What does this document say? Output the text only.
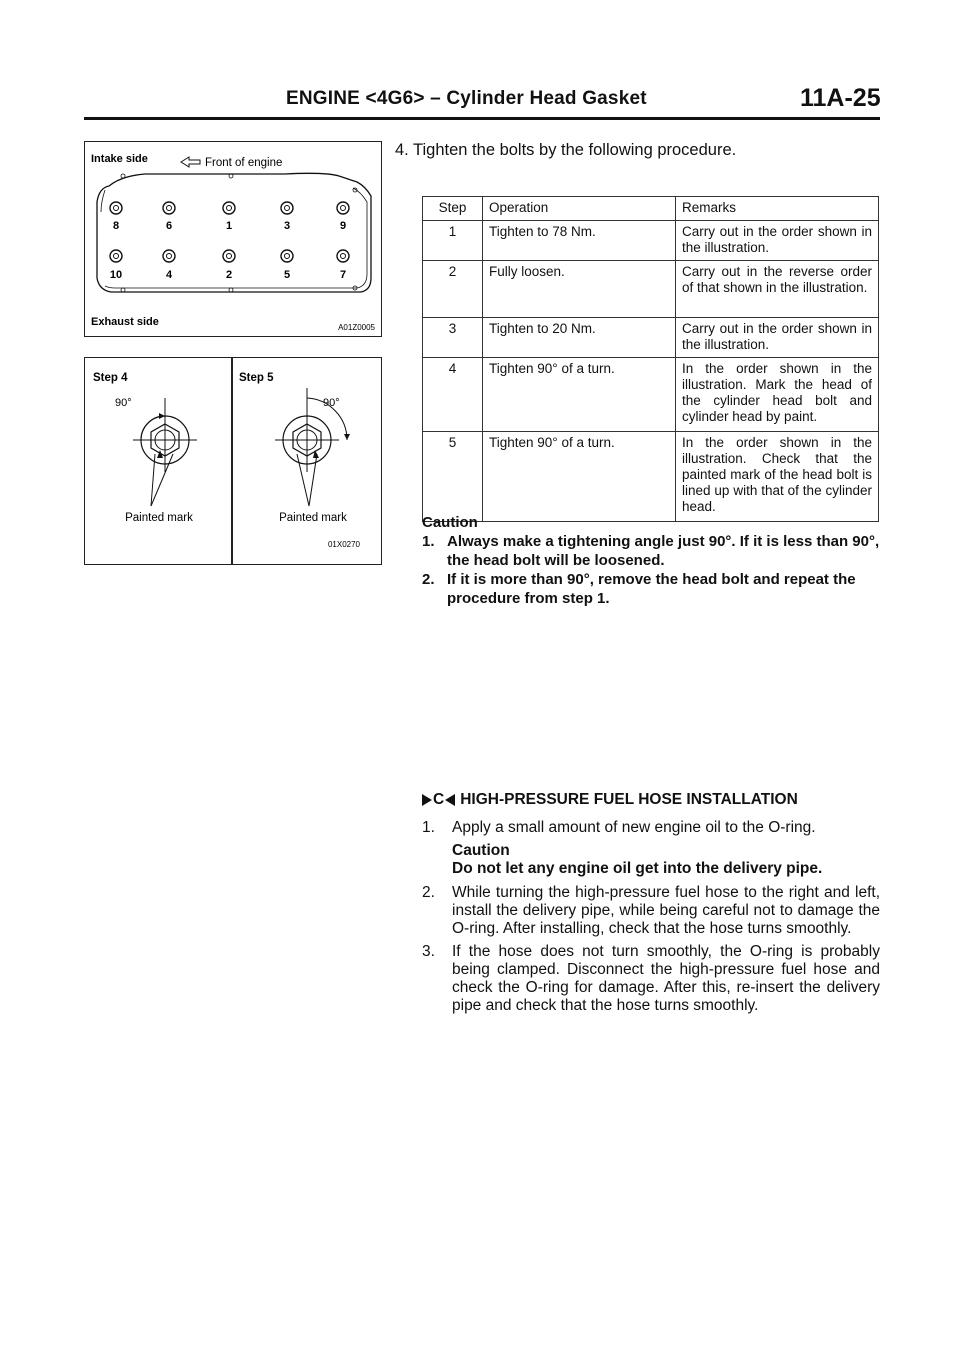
ENGINE <4G6> – Cylinder Head Gasket	11A-25
Intake side	Front of engine
8	6	1	3	9
10	4	2	5	7
Exhaust side	A01Z0005
Step 4
90°
Painted mark
Step 5
90°
Painted mark
01X0270
4. Tighten the bolts by the following procedure.
Step	Operation	Remarks
1	Tighten to 78 Nm.	Carry out in the order shown in the illustration.
2	Fully loosen.	Carry out in the reverse order of that shown in the illustration.
3	Tighten to 20 Nm.	Carry out in the order shown in the illustration.
4	Tighten 90° of a turn.	In the order shown in the illustration. Mark the head of the cylinder head bolt and cylinder head by paint.
5	Tighten 90° of a turn.	In the order shown in the illustration. Check that the painted mark of the head bolt is lined up with that of the cylinder head.
Caution
1. Always make a tightening angle just 90°. If it is less than 90°, the head bolt will be loosened.
2. If it is more than 90°, remove the head bolt and repeat the procedure from step 1.
C HIGH-PRESSURE FUEL HOSE INSTALLATION
1. Apply a small amount of new engine oil to the O-ring.
Caution
Do not let any engine oil get into the delivery pipe.
2. While turning the high-pressure fuel hose to the right and left, install the delivery pipe, while being careful not to damage the O-ring. After installing, check that the hose turns smoothly.
3. If the hose does not turn smoothly, the O-ring is probably being clamped. Disconnect the high-pressure fuel hose and check the O-ring for damage. After this, re-insert the delivery pipe and check that the hose turns smoothly.
